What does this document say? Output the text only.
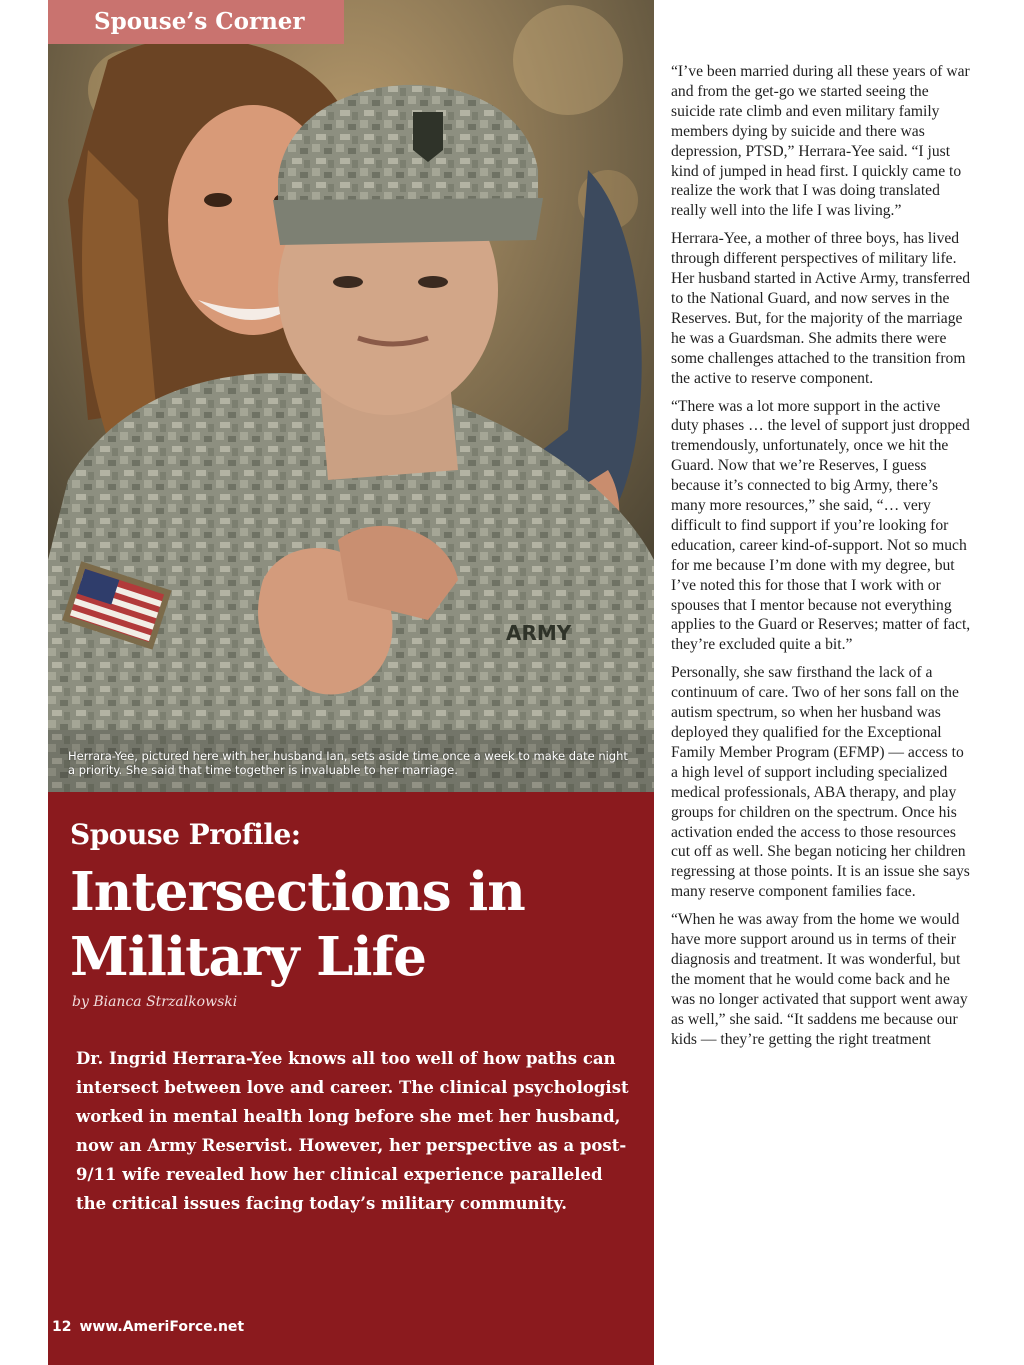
ARMY
Spouse’s Corner
Herrara-Yee, pictured here with her husband Ian, sets aside time once a week to make date night a priority. She said that time together is invaluable to her marriage.
Spouse Profile:
Intersections in
Military Life
by Bianca Strzalkowski
Dr. Ingrid Herrara-Yee knows all too well of how paths can intersect between love and career. The clinical psychologist worked in mental health long before she met her husband, now an Army Reservist. However, her perspective as a post-9/11 wife revealed how her clinical experience paralleled the critical issues facing today’s military community.
12 www.AmeriForce.net

“I’ve been married during all these years of war and from the get-go we started seeing the suicide rate climb and even military family members dying by suicide and there was depression, PTSD,” Herrara-Yee said. “I just kind of jumped in head first. I quickly came to realize the work that I was doing translated really well into the life I was living.”

Herrara-Yee, a mother of three boys, has lived through different perspectives of military life. Her husband started in Active Army, transferred to the National Guard, and now serves in the Reserves. But, for the majority of the marriage he was a Guardsman. She admits there were some challenges attached to the transition from the active to reserve component.

“There was a lot more support in the active duty phases … the level of support just dropped tremendously, unfortunately, once we hit the Guard. Now that we’re Reserves, I guess because it’s connected to big Army, there’s many more resources,” she said, “… very difficult to find support if you’re looking for education, career kind-of-support. Not so much for me because I’m done with my degree, but I’ve noted this for those that I work with or spouses that I mentor because not everything applies to the Guard or Reserves; matter of fact, they’re excluded quite a bit.”

Personally, she saw firsthand the lack of a continuum of care. Two of her sons fall on the autism spectrum, so when her husband was deployed they qualified for the Exceptional Family Member Program (EFMP) — access to a high level of support including specialized medical professionals, ABA therapy, and play groups for children on the spectrum. Once his activation ended the access to those resources cut off as well. She began noticing her children regressing at those points. It is an issue she says many reserve component families face.

“When he was away from the home we would have more support around us in terms of their diagnosis and treatment. It was wonderful, but the moment that he would come back and he was no longer activated that support went away as well,” she said. “It saddens me because our kids — they’re getting the right treatment
